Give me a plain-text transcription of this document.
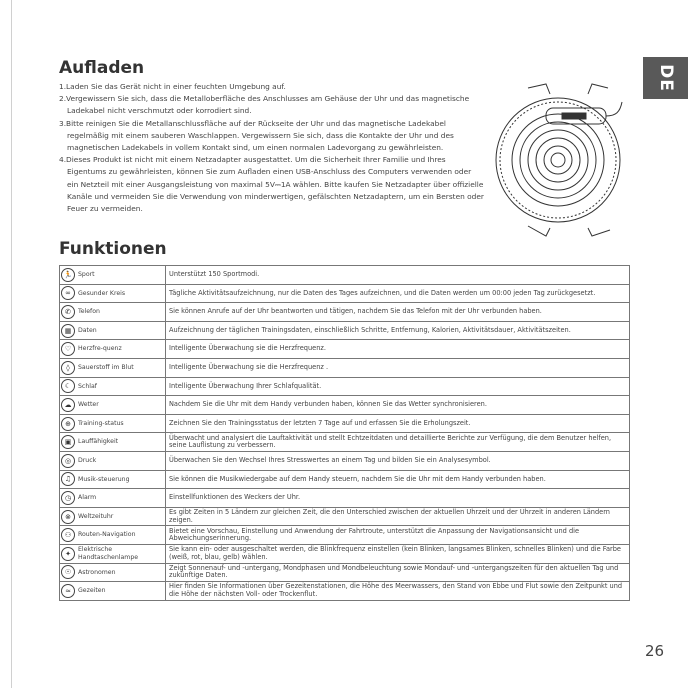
DE
Aufladen
1.Laden Sie das Gerät nicht in einer feuchten Umgebung auf.
2.Vergewissern Sie sich, dass die Metalloberfläche des Anschlusses am Gehäuse der Uhr und das magnetische Ladekabel nicht verschmutzt oder korrodiert sind.
3.Bitte reinigen Sie die Metallanschlussfläche auf der Rückseite der Uhr und das magnetische Ladekabel regelmäßig mit einem sauberen Waschlappen. Vergewissern Sie sich, dass die Kontakte der Uhr und des magnetischen Ladekabels in vollem Kontakt sind, um einen normalen Ladevorgang zu gewährleisten.
4.Dieses Produkt ist nicht mit einem Netzadapter ausgestattet. Um die Sicherheit Ihrer Familie und Ihres Eigentums zu gewährleisten, können Sie zum Aufladen einen USB-Anschluss des Computers verwenden oder ein Netzteil mit einer Ausgangsleistung von maximal 5V⎓1A wählen. Bitte kaufen Sie Netzadapter über offizielle Kanäle und vermeiden Sie die Verwendung von minderwertigen, gefälschten Netzadaptern, um ein Bersten oder Feuer zu vermeiden.
Funktionen
🏃	Sport	Unterstützt 150 Sportmodi.
∞	Gesunder Kreis	Tägliche Aktivitätsaufzeichnung, nur die Daten des Tages aufzeichnen, und die Daten werden um 00:00 jeden Tag zurückgesetzt.
✆	Telefon	Sie können Anrufe auf der Uhr beantworten und tätigen, nachdem Sie das Telefon mit der Uhr verbunden haben.
▦	Daten	Aufzeichnung der täglichen Trainingsdaten, einschließlich Schritte, Entfernung, Kalorien, Aktivitätsdauer, Aktivitätszeiten.
♡	Herzfre-quenz	Intelligente Überwachung sie die Herzfrequenz.
◊	Sauerstoff im Blut	Intelligente Überwachung sie die Herzfrequenz .
☾	Schlaf	Intelligente Überwachung Ihrer Schlafqualität.
☁	Wetter	Nachdem Sie die Uhr mit dem Handy verbunden haben, können Sie das Wetter synchronisieren.
⊕	Training-status	Zeichnen Sie den Trainingsstatus der letzten 7 Tage auf und erfassen Sie die Erholungszeit.
▣	Lauffähigkeit	Überwacht und analysiert die Lauftaktivität und stellt Echtzeitdaten und detaillierte Berichte zur Verfügung, die dem Benutzer helfen, seine Lauflistung zu verbessern.
◎	Druck	Überwachen Sie den Wechsel Ihres Stresswertes an einem Tag und bilden Sie ein Analysesymbol.
♫	Musik-steuerung	Sie können die Musikwiedergabe auf dem Handy steuern, nachdem Sie die Uhr mit dem Handy verbunden haben.
◷	Alarm	Einstellfunktionen des Weckers der Uhr.
⊗	Weltzeituhr	Es gibt Zeiten in 5 Ländern zur gleichen Zeit, die den Unterschied zwischen der aktuellen Uhrzeit und der Uhrzeit in anderen Ländern zeigen.
⚇	Routen-Navigation	Bietet eine Vorschau, Einstellung und Anwendung der Fahrtroute, unterstützt die Anpassung der Navigationsansicht und die Abweichungserinnerung.
✦	Elektrische Handtaschenlampe	Sie kann ein- oder ausgeschaltet werden, die Blinkfrequenz einstellen (kein Blinken, langsames Blinken, schnelles Blinken) und die Farbe (weiß, rot, blau, gelb) wählen.
☉	Astronomen	Zeigt Sonnenauf- und -untergang, Mondphasen und Mondbeleuchtung sowie Mondauf- und -untergangszeiten für den aktuellen Tag und zukünftige Daten.
≈	Gezeiten	Hier finden Sie Informationen über Gezeitenstationen, die Höhe des Meerwassers, den Stand von Ebbe und Flut sowie den Zeitpunkt und die Höhe der nächsten Voll- oder Trockenflut.
26
